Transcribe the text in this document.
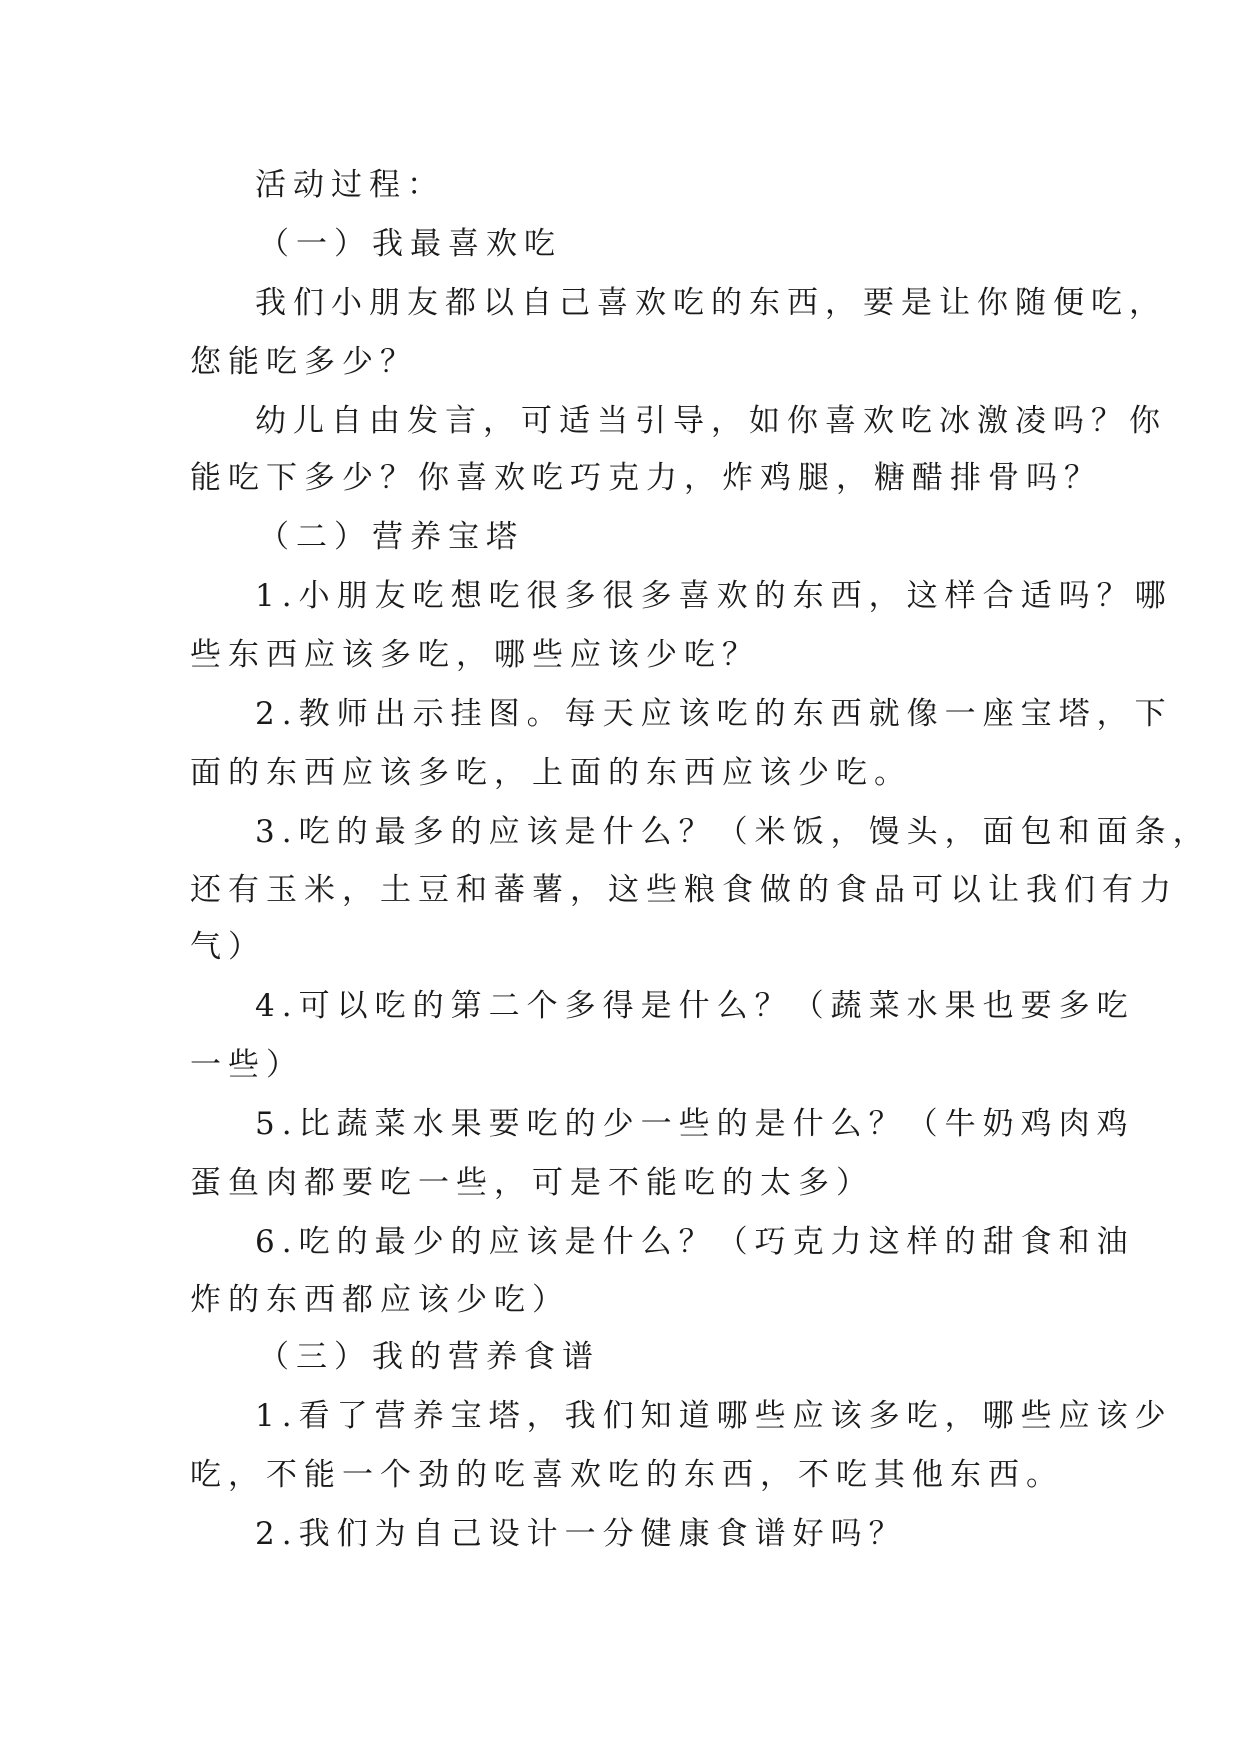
活动过程：
（一）我最喜欢吃
我们小朋友都以自己喜欢吃的东西，要是让你随便吃，
您能吃多少？
幼儿自由发言，可适当引导，如你喜欢吃冰激凌吗？你
能吃下多少？你喜欢吃巧克力，炸鸡腿，糖醋排骨吗？
（二）营养宝塔
1.小朋友吃想吃很多很多喜欢的东西，这样合适吗？哪
些东西应该多吃，哪些应该少吃？
2.教师出示挂图。每天应该吃的东西就像一座宝塔，下
面的东西应该多吃，上面的东西应该少吃。
3.吃的最多的应该是什么？（米饭，馒头，面包和面条，
还有玉米，土豆和蕃薯，这些粮食做的食品可以让我们有力
气）
4.可以吃的第二个多得是什么？（蔬菜水果也要多吃
一些）
5.比蔬菜水果要吃的少一些的是什么？（牛奶鸡肉鸡
蛋鱼肉都要吃一些，可是不能吃的太多）
6.吃的最少的应该是什么？（巧克力这样的甜食和油
炸的东西都应该少吃）
（三）我的营养食谱
1.看了营养宝塔，我们知道哪些应该多吃，哪些应该少
吃，不能一个劲的吃喜欢吃的东西，不吃其他东西。
2.我们为自己设计一分健康食谱好吗？
